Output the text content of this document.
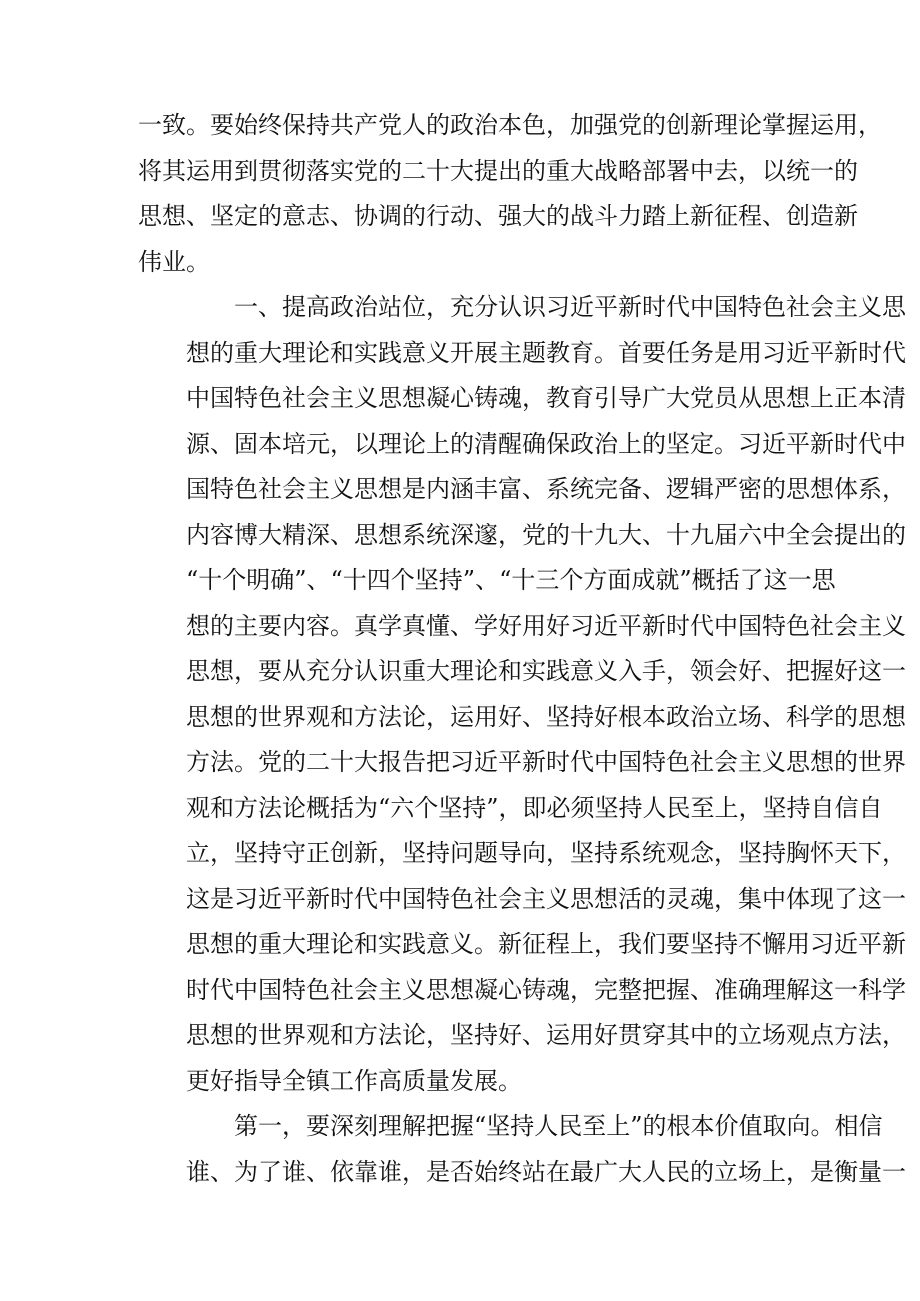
一致。要始终保持共产党人的政治本色，加强党的创新理论掌握运用，
将其运用到贯彻落实党的二十大提出的重大战略部署中去，以统一的
思想、坚定的意志、协调的行动、强大的战斗力踏上新征程、创造新
伟业。
一、提高政治站位，充分认识习近平新时代中国特色社会主义思
想的重大理论和实践意义开展主题教育。首要任务是用习近平新时代
中国特色社会主义思想凝心铸魂，教育引导广大党员从思想上正本清
源、固本培元，以理论上的清醒确保政治上的坚定。习近平新时代中
国特色社会主义思想是内涵丰富、系统完备、逻辑严密的思想体系，
内容博大精深、思想系统深邃，党的十九大、十九届六中全会提出的
“十个明确”、“十四个坚持”、“十三个方面成就”概括了这一思
想的主要内容。真学真懂、学好用好习近平新时代中国特色社会主义
思想，要从充分认识重大理论和实践意义入手，领会好、把握好这一
思想的世界观和方法论，运用好、坚持好根本政治立场、科学的思想
方法。党的二十大报告把习近平新时代中国特色社会主义思想的世界
观和方法论概括为“六个坚持”，即必须坚持人民至上，坚持自信自
立，坚持守正创新，坚持问题导向，坚持系统观念，坚持胸怀天下，
这是习近平新时代中国特色社会主义思想活的灵魂，集中体现了这一
思想的重大理论和实践意义。新征程上，我们要坚持不懈用习近平新
时代中国特色社会主义思想凝心铸魂，完整把握、准确理解这一科学
思想的世界观和方法论，坚持好、运用好贯穿其中的立场观点方法，
更好指导全镇工作高质量发展。
第一，要深刻理解把握“坚持人民至上”的根本价值取向。相信
谁、为了谁、依靠谁，是否始终站在最广大人民的立场上，是衡量一
